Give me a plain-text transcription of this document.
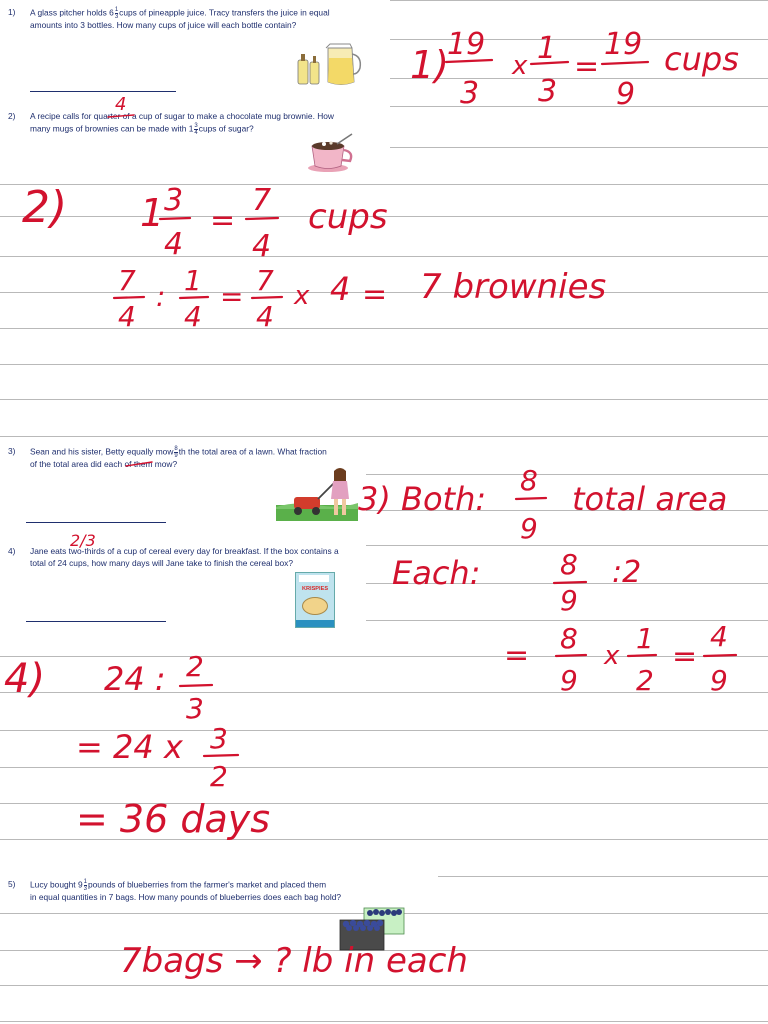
1) A glass pitcher holds $6 \frac{1}{3}$ cups of pineapple juice. Tracy transfers the juice in equal
amounts into 3 bottles. How many cups of juice will each bottle contain?
2) A recipe calls for quarter of a cup of sugar to make a chocolate mug brownie. How
many mugs of brownies can be made with $1 \frac{3}{4}$ cups of sugar?
3) Sean and his sister, Betty equally mow $\frac{8}{9}$ th the total area of a lawn. What fraction
of the total area did each of them mow?
4) Jane eats two-thirds of a cup of cereal every day for breakfast. If the box contains a
total of 24 cups, how many days will Jane take to finish the cereal box?
5) Lucy bought $9 \frac{1}{3}$ pounds of blueberries from the farmer's market and placed them
in equal quantities in 7 bags. How many pounds of blueberries does each bag hold?
KRISPIES
1)
19
3
x 1
3
=
19
9
cups
4
2) 1 3
4
=
7
4
cups
7
4
: 1
4
= 7
4
x 4 = 7 brownies
3) Both: 8
9
total area
Each:	8
9
:2
= 8
9
x
1
2
=
4
9
2/3
4) 24 : 2
3
= 24 x 3
2
= 36 days
7bags → ? lb in each
